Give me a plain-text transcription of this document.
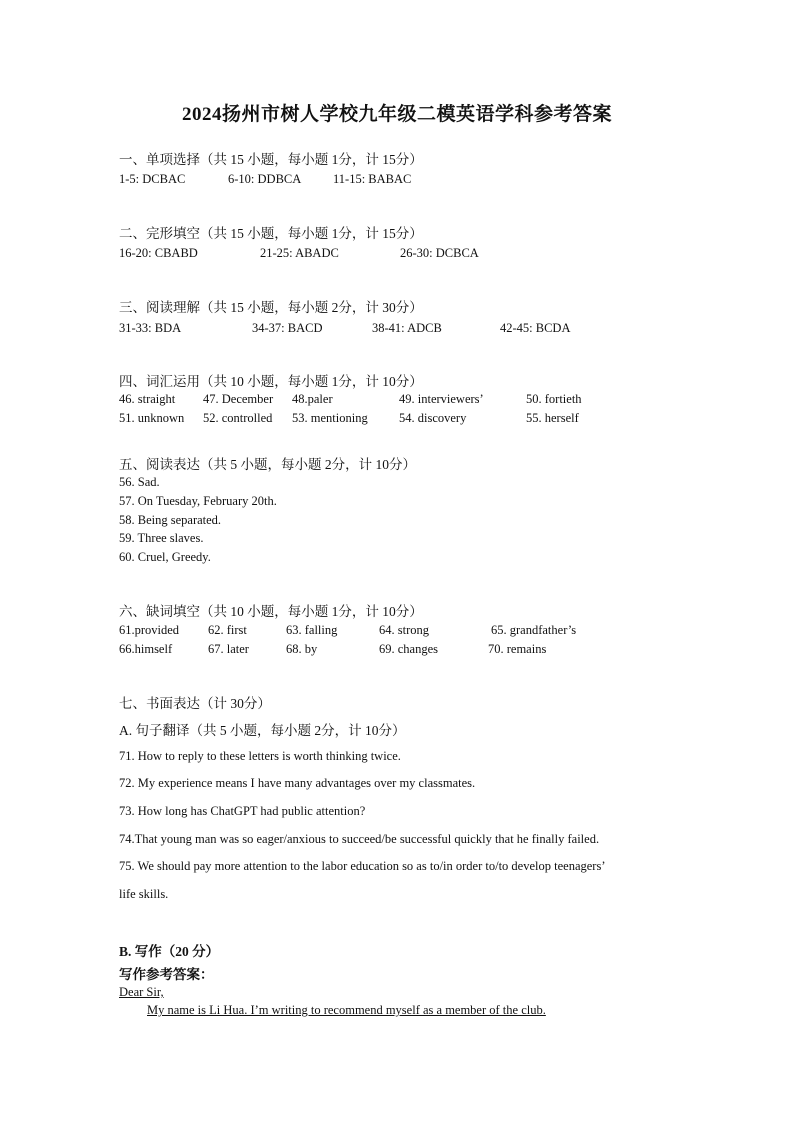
2024扬州市树人学校九年级二模英语学科参考答案
一、单项选择（共 15 小题，每小题 1分，计 15分）
1-5: DCBAC	6-10: DDBCA	11-15: BABAC
二、完形填空（共 15 小题，每小题 1分，计 15分）
16-20: CBABD	21-25: ABADC	26-30: DCBCA
三、阅读理解（共 15 小题，每小题 2分，计 30分）
31-33: BDA	34-37: BACD	38-41: ADCB	42-45: BCDA
四、词汇运用（共 10 小题，每小题 1分，计 10分）
46. straight 47. December 48.paler	49. interviewers’	50. fortieth
51. unknown 52. controlled 53. mentioning	54. discovery	55. herself
五、阅读表达（共 5 小题，每小题 2分，计 10分）
56. Sad.
57. On Tuesday, February 20th.
58. Being separated.
59. Three slaves.
60. Cruel, Greedy.
六、缺词填空（共 10 小题，每小题 1分，计 10分）
61.provided 62. first	63. falling	64. strong	65. grandfather’s
66.himself	67. later	68. by	69. changes	70. remains
七、书面表达（计 30分）
A. 句子翻译（共 5 小题，每小题 2分，计 10分）
71. How to reply to these letters is worth thinking twice.
72. My experience means I have many advantages over my classmates.
73. How long has ChatGPT had public attention?
74.That young man was so eager/anxious to succeed/be successful quickly that he finally failed.
75. We should pay more attention to the labor education so as to/in order to/to develop teenagers’
life skills.
B. 写作（20 分）
写作参考答案：
Dear Sir,
My name is Li Hua. I’m writing to recommend myself as a member of the club.
